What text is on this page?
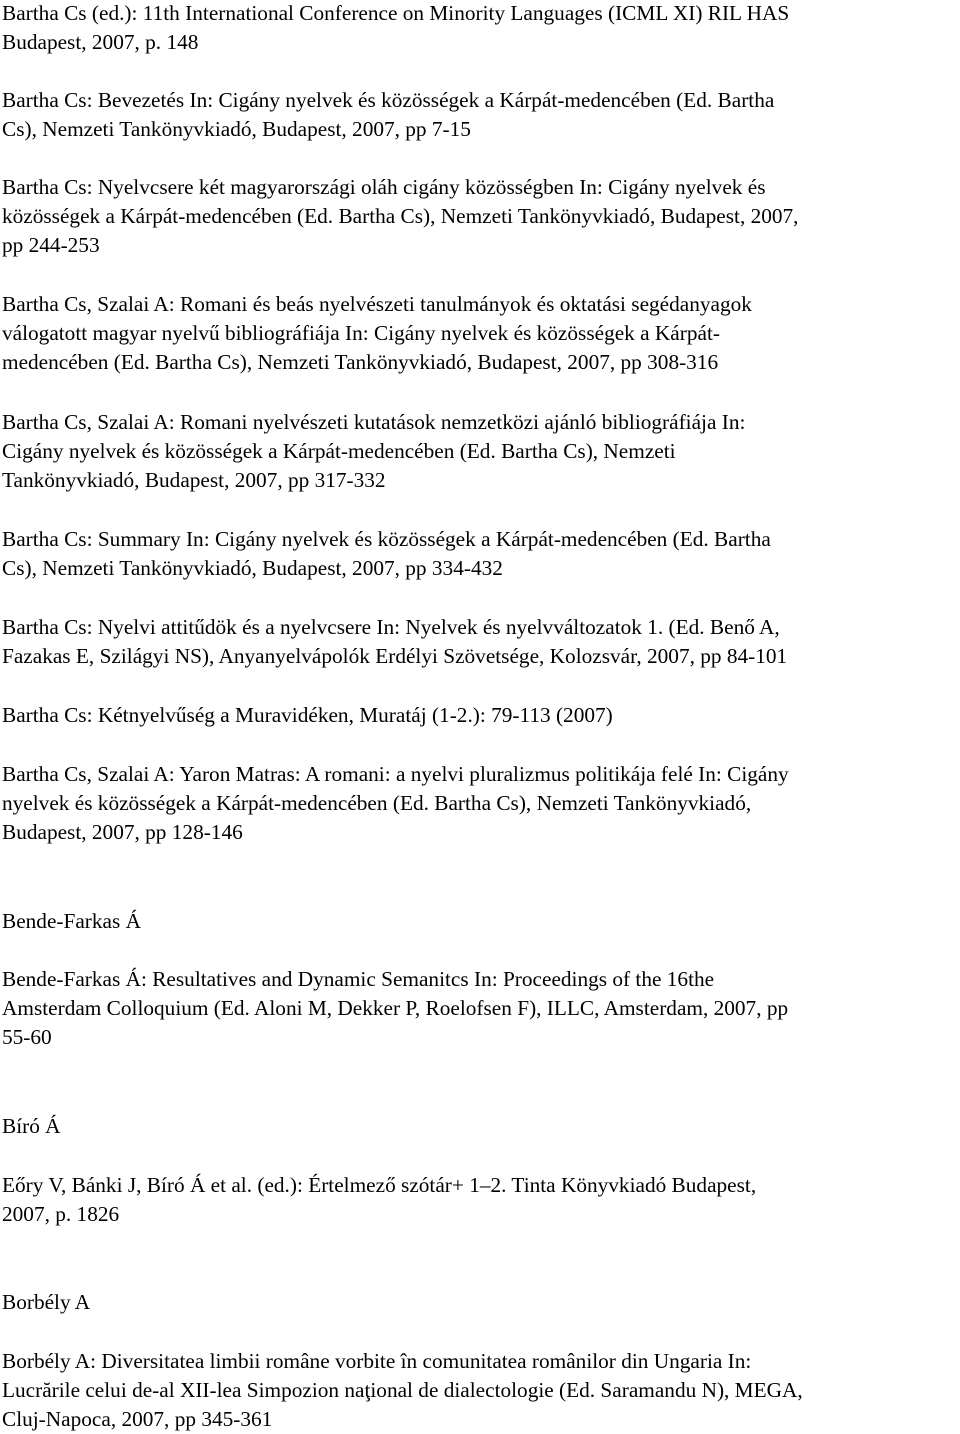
Bartha Cs (ed.): 11th International Conference on Minority Languages (ICML XI) RIL HAS
Budapest, 2007, p. 148
Bartha Cs: Bevezetés In: Cigány nyelvek és közösségek a Kárpát-medencében (Ed. Bartha
Cs), Nemzeti Tankönyvkiadó, Budapest, 2007, pp 7-15
Bartha Cs: Nyelvcsere két magyarországi oláh cigány közösségben In: Cigány nyelvek és
közösségek a Kárpát-medencében (Ed. Bartha Cs), Nemzeti Tankönyvkiadó, Budapest, 2007,
pp 244-253
Bartha Cs, Szalai A: Romani és beás nyelvészeti tanulmányok és oktatási segédanyagok
válogatott magyar nyelvű bibliográfiája In: Cigány nyelvek és közösségek a Kárpát-
medencében (Ed. Bartha Cs), Nemzeti Tankönyvkiadó, Budapest, 2007, pp 308-316
Bartha Cs, Szalai A: Romani nyelvészeti kutatások nemzetközi ajánló bibliográfiája In:
Cigány nyelvek és közösségek a Kárpát-medencében (Ed. Bartha Cs), Nemzeti
Tankönyvkiadó, Budapest, 2007, pp 317-332
Bartha Cs: Summary In: Cigány nyelvek és közösségek a Kárpát-medencében (Ed. Bartha
Cs), Nemzeti Tankönyvkiadó, Budapest, 2007, pp 334-432
Bartha Cs: Nyelvi attitűdök és a nyelvcsere In: Nyelvek és nyelvváltozatok 1. (Ed. Benő A,
Fazakas E, Szilágyi NS), Anyanyelvápolók Erdélyi Szövetsége, Kolozsvár, 2007, pp 84-101
Bartha Cs: Kétnyelvűség a Muravidéken, Muratáj (1-2.): 79-113 (2007)
Bartha Cs, Szalai A: Yaron Matras: A romani: a nyelvi pluralizmus politikája felé In: Cigány
nyelvek és közösségek a Kárpát-medencében (Ed. Bartha Cs), Nemzeti Tankönyvkiadó,
Budapest, 2007, pp 128-146
Bende-Farkas Á
Bende-Farkas Á: Resultatives and Dynamic Semanitcs In: Proceedings of the 16the
Amsterdam Colloquium (Ed. Aloni M, Dekker P, Roelofsen F), ILLC, Amsterdam, 2007, pp
55-60
Bíró Á
Eőry V, Bánki J, Bíró Á et al. (ed.): Értelmező szótár+ 1–2. Tinta Könyvkiadó Budapest,
2007, p. 1826
Borbély A
Borbély A: Diversitatea limbii române vorbite în comunitatea românilor din Ungaria In:
Lucrările celui de-al XII-lea Simpozion naţional de dialectologie (Ed. Saramandu N), MEGA,
Cluj-Napoca, 2007, pp 345-361
